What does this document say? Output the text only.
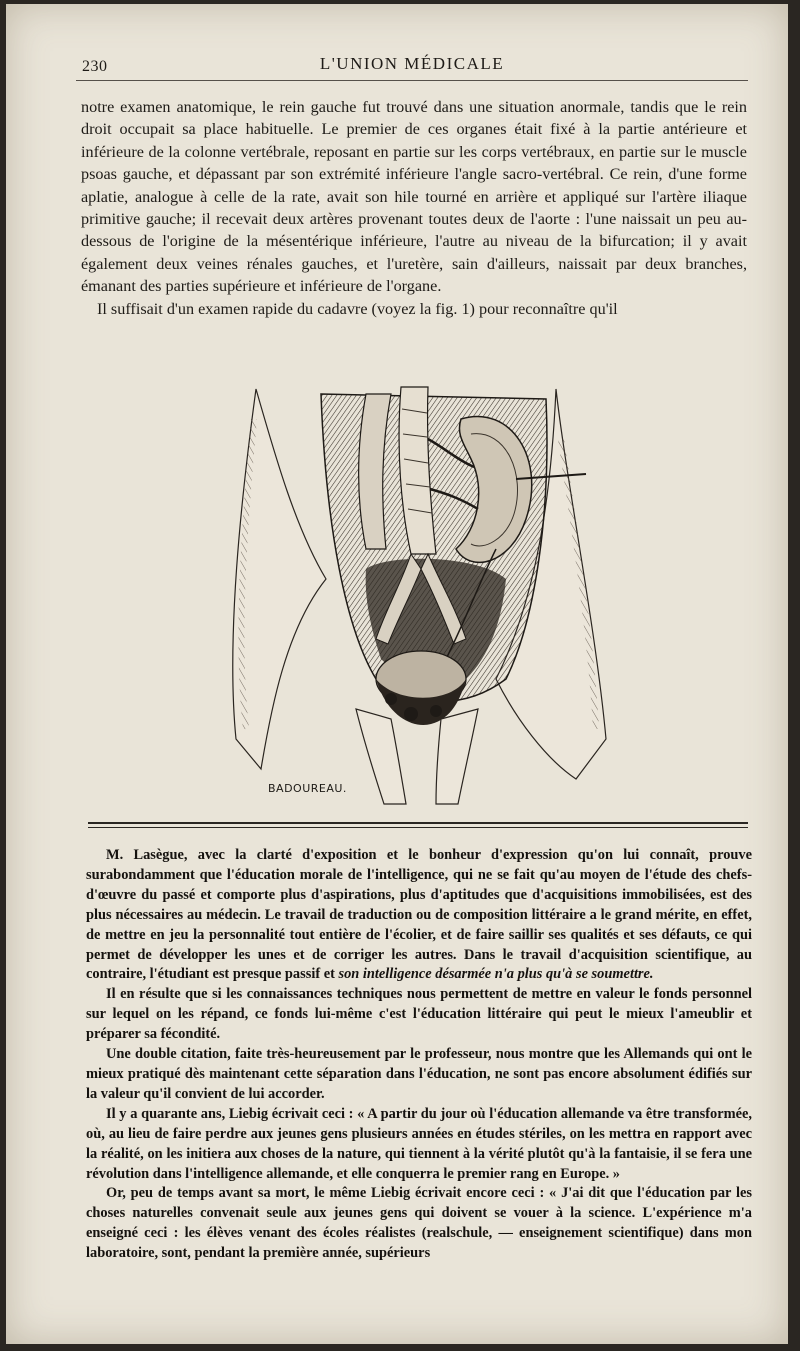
230	L'UNION MÉDICALE

notre examen anatomique, le rein gauche fut trouvé dans une situation anormale, tandis que le rein droit occupait sa place habituelle. Le premier de ces organes était fixé à la partie antérieure et inférieure de la colonne vertébrale, reposant en partie sur les corps vertébraux, en partie sur le muscle psoas gauche, et dépassant par son extrémité inférieure l'angle sacro-vertébral. Ce rein, d'une forme aplatie, analogue à celle de la rate, avait son hile tourné en arrière et appliqué sur l'artère iliaque primitive gauche; il recevait deux artères provenant toutes deux de l'aorte : l'une naissait un peu au-dessous de l'origine de la mésentérique inférieure, l'autre au niveau de la bifurcation; il y avait également deux veines rénales gauches, et l'uretère, sain d'ailleurs, naissait par deux branches, émanant des parties supérieure et inférieure de l'organe.

Il suffisait d'un examen rapide du cadavre (voyez la fig. 1) pour reconnaître qu'il

BADOUREAU.

M. Lasègue, avec la clarté d'exposition et le bonheur d'expression qu'on lui connaît, prouve surabondamment que l'éducation morale de l'intelligence, qui ne se fait qu'au moyen de l'étude des chefs-d'œuvre du passé et comporte plus d'aspirations, plus d'aptitudes que d'acquisitions immobilisées, est des plus nécessaires au médecin. Le travail de traduction ou de composition littéraire a le grand mérite, en effet, de mettre en jeu la personnalité tout entière de l'écolier, et de faire saillir ses qualités et ses défauts, ce qui permet de développer les unes et de corriger les autres. Dans le travail d'acquisition scientifique, au contraire, l'étudiant est presque passif et son intelligence désarmée n'a plus qu'à se soumettre.

Il en résulte que si les connaissances techniques nous permettent de mettre en valeur le fonds personnel sur lequel on les répand, ce fonds lui-même c'est l'éducation littéraire qui peut le mieux l'ameublir et préparer sa fécondité.

Une double citation, faite très-heureusement par le professeur, nous montre que les Allemands qui ont le mieux pratiqué dès maintenant cette séparation dans l'éducation, ne sont pas encore absolument édifiés sur la valeur qu'il convient de lui accorder.

Il y a quarante ans, Liebig écrivait ceci : « A partir du jour où l'éducation allemande va être transformée, où, au lieu de faire perdre aux jeunes gens plusieurs années en études stériles, on les mettra en rapport avec la réalité, on les initiera aux choses de la nature, qui tiennent à la vérité plutôt qu'à la fantaisie, il se fera une révolution dans l'intelligence allemande, et elle conquerra le premier rang en Europe. »

Or, peu de temps avant sa mort, le même Liebig écrivait encore ceci : « J'ai dit que l'éducation par les choses naturelles convenait seule aux jeunes gens qui doivent se vouer à la science. L'expérience m'a enseigné ceci : les élèves venant des écoles réalistes (realschule, — enseignement scientifique) dans mon laboratoire, sont, pendant la première année, supérieurs
